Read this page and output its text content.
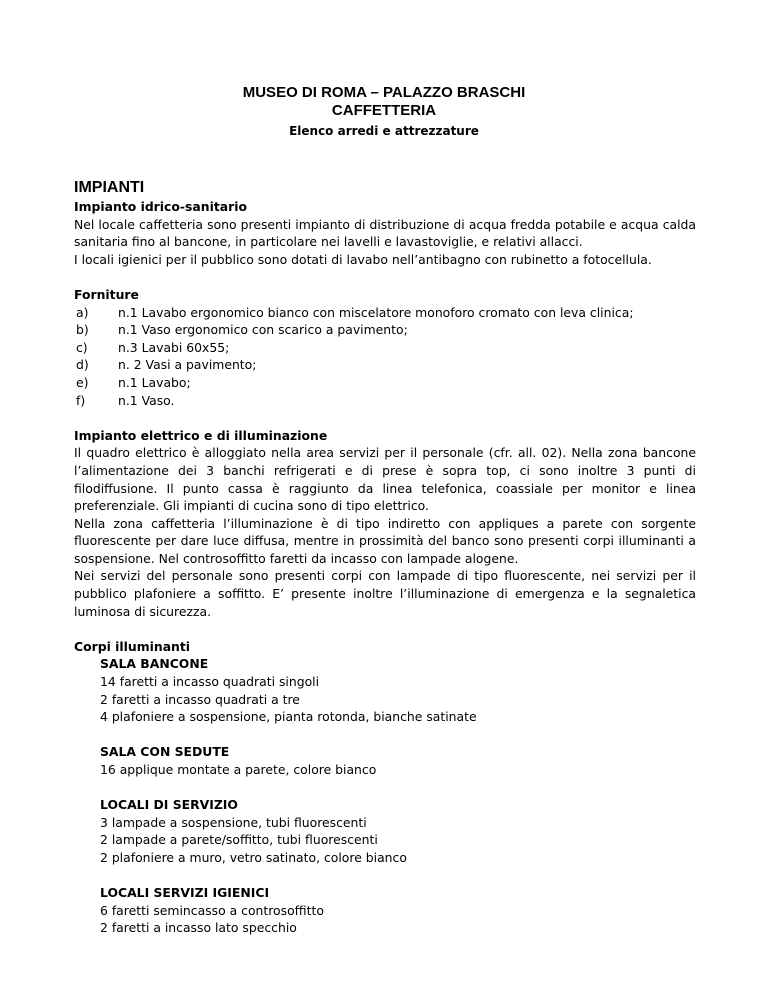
MUSEO DI ROMA – PALAZZO BRASCHI
CAFFETTERIA
Elenco arredi e attrezzature
IMPIANTI

Impianto idrico-sanitario

Nel locale caffetteria sono presenti impianto di distribuzione di acqua fredda potabile e acqua calda sanitaria fino al bancone, in particolare nei lavelli e lavastoviglie, e relativi allacci.

I locali igienici per il pubblico sono dotati di lavabo nell’antibagno con rubinetto a fotocellula.

Forniture

a)	n.1 Lavabo ergonomico bianco con miscelatore monoforo cromato con leva clinica;
b)	n.1 Vaso ergonomico con scarico a pavimento;
c)	n.3 Lavabi 60x55;
d)	n. 2 Vasi a pavimento;
e)	n.1 Lavabo;
f)	n.1 Vaso.

Impianto elettrico e di illuminazione

Il quadro elettrico è alloggiato nella area servizi per il personale (cfr. all. 02). Nella zona bancone l’alimentazione dei 3 banchi refrigerati e di prese è sopra top, ci sono inoltre 3 punti di filodiffusione. Il punto cassa è raggiunto da linea telefonica, coassiale per monitor e linea preferenziale. Gli impianti di cucina sono di tipo elettrico.

Nella zona caffetteria l’illuminazione è di tipo indiretto con appliques a parete con sorgente fluorescente per dare luce diffusa, mentre in prossimità del banco sono presenti corpi illuminanti a sospensione. Nel controsoffitto faretti da incasso con lampade alogene.

Nei servizi del personale sono presenti corpi con lampade di tipo fluorescente, nei servizi per il pubblico plafoniere a soffitto. E’ presente inoltre l’illuminazione di emergenza e la segnaletica luminosa di sicurezza.

Corpi illuminanti

SALA BANCONE

14 faretti a incasso quadrati singoli

2 faretti a incasso quadrati a tre

4 plafoniere a sospensione, pianta rotonda, bianche satinate

SALA CON SEDUTE

16 applique montate a parete, colore bianco

LOCALI DI SERVIZIO

3 lampade a sospensione, tubi fluorescenti

2 lampade a parete/soffitto, tubi fluorescenti

2 plafoniere a muro, vetro satinato, colore bianco

LOCALI SERVIZI IGIENICI

6 faretti semincasso a controsoffitto

2 faretti a incasso lato specchio
